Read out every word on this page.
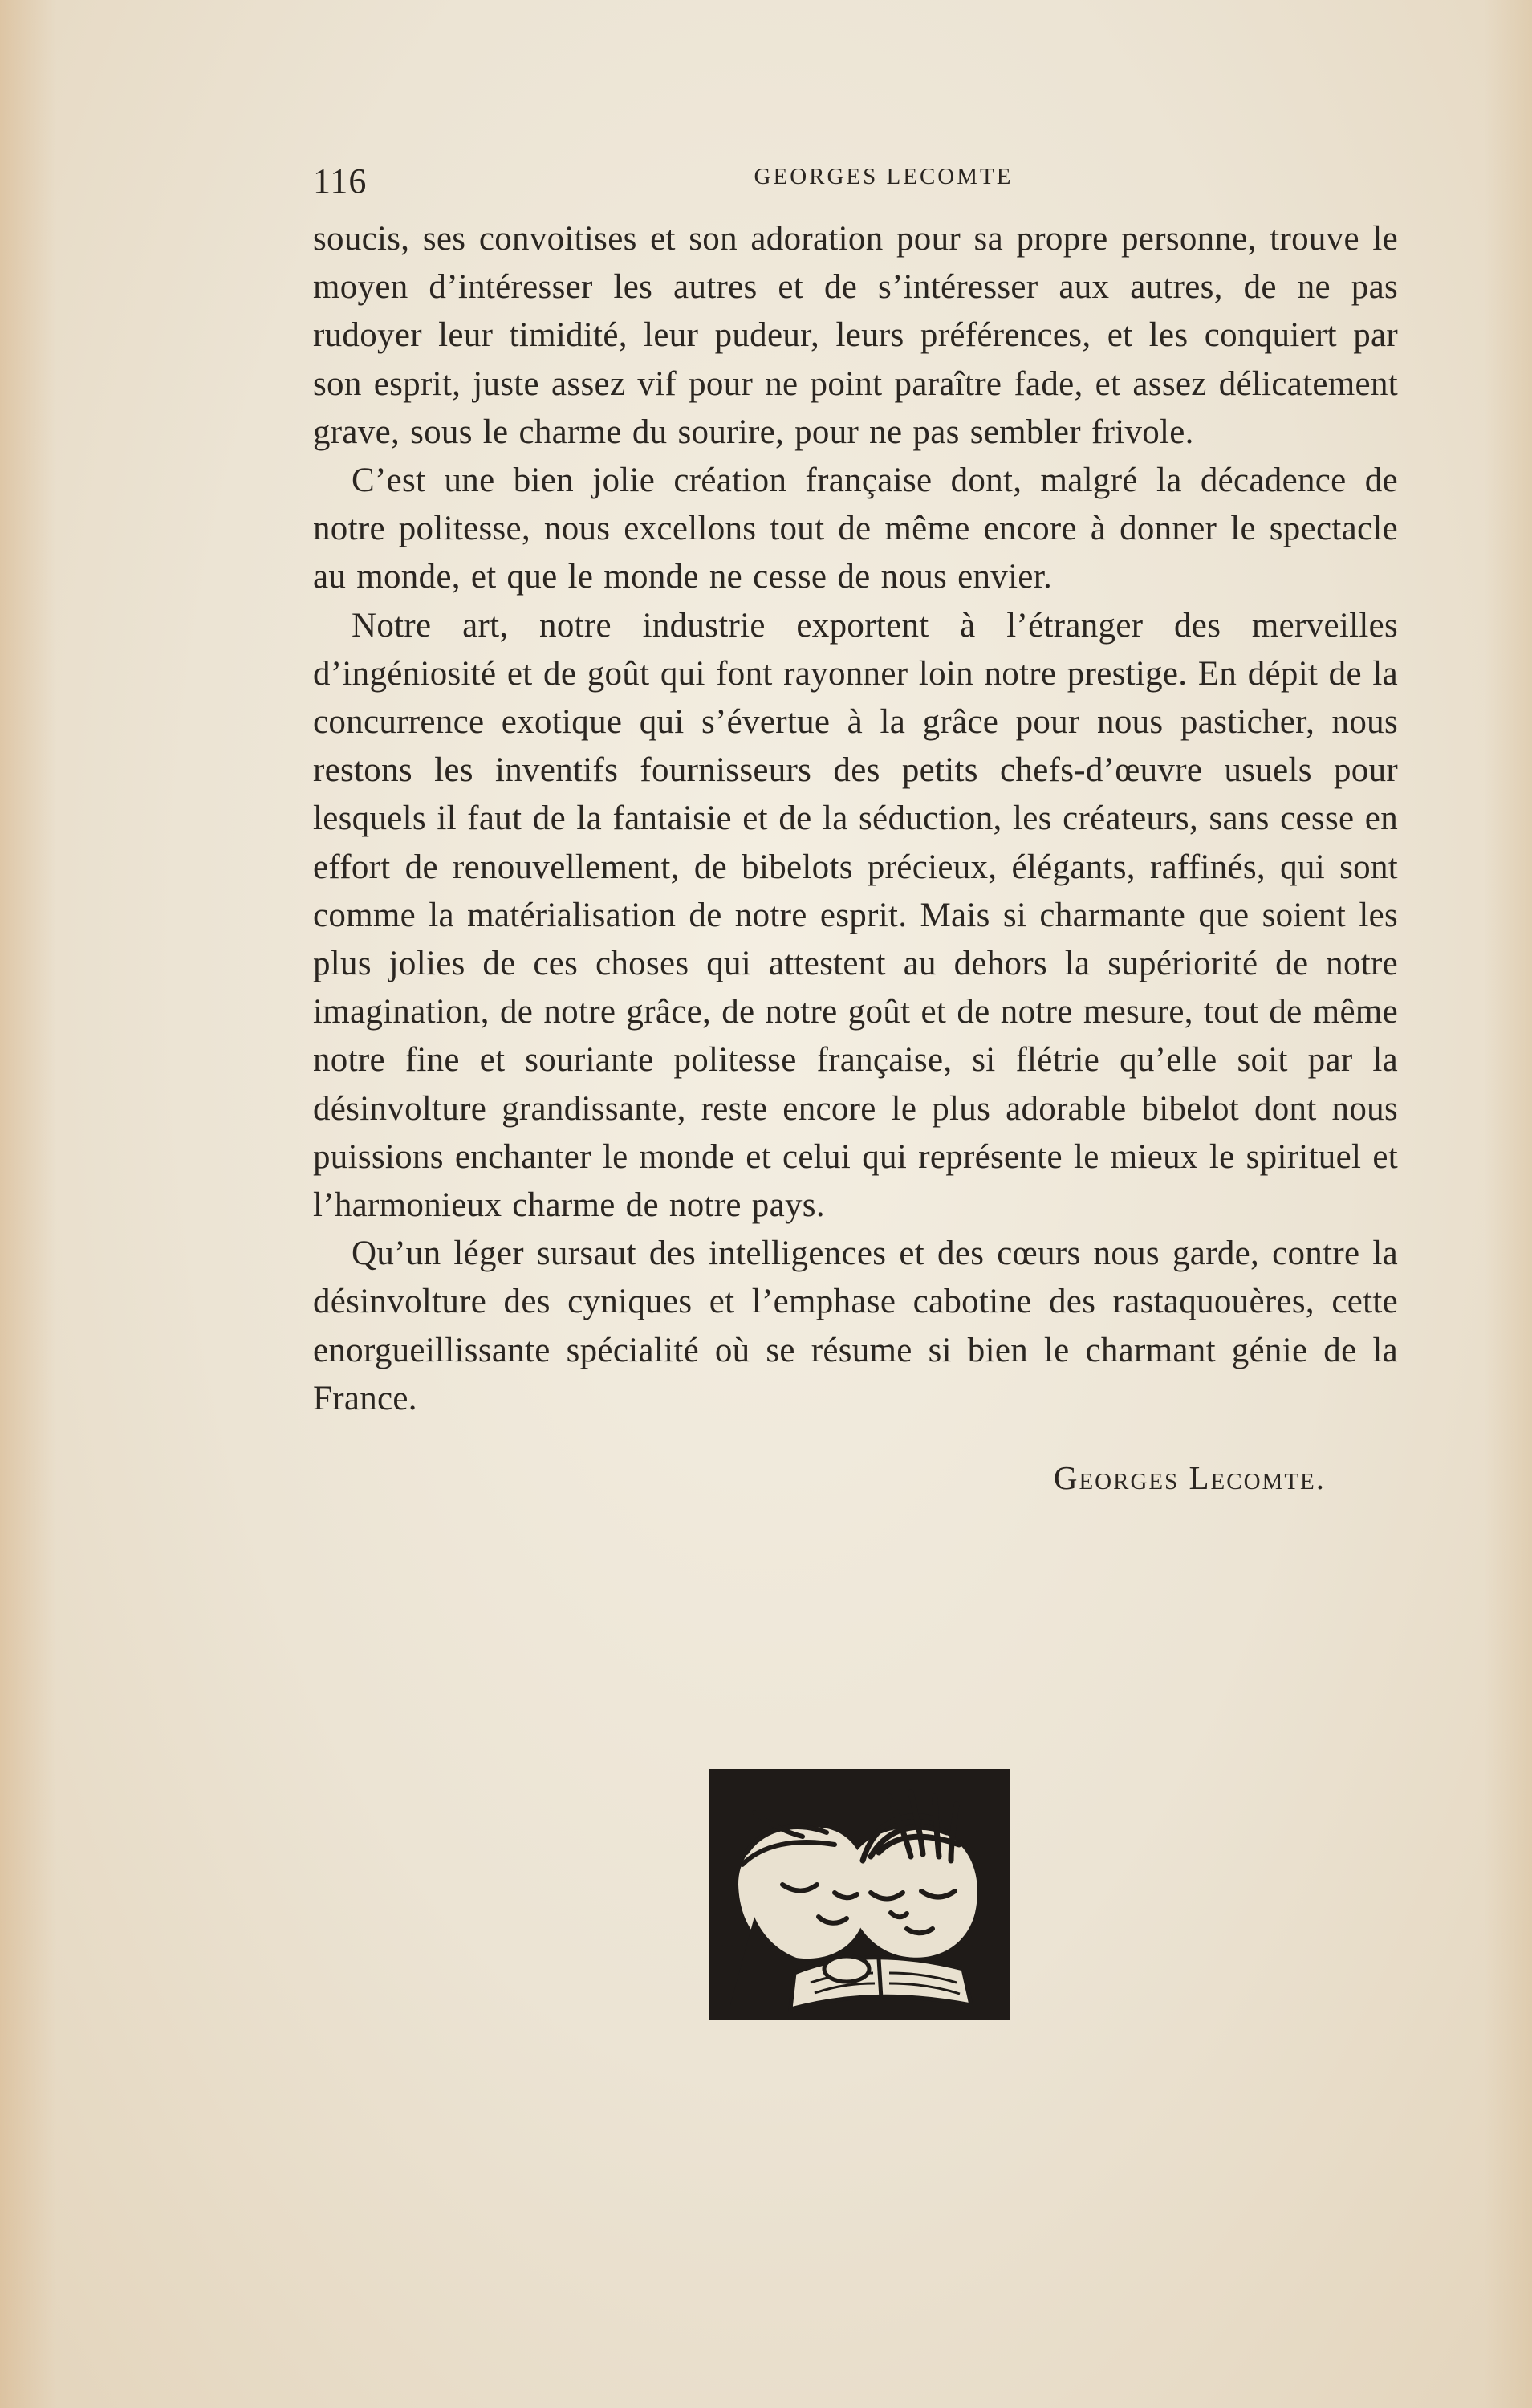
116	GEORGES LECOMTE

soucis, ses convoitises et son adoration pour sa propre personne, trouve le moyen d’intéresser les autres et de s’intéresser aux autres, de ne pas rudoyer leur timidité, leur pudeur, leurs préférences, et les conquiert par son esprit, juste assez vif pour ne point paraître fade, et assez délicatement grave, sous le charme du sourire, pour ne pas sembler frivole.

C’est une bien jolie création française dont, malgré la décadence de notre politesse, nous excellons tout de même encore à donner le spectacle au monde, et que le monde ne cesse de nous envier.

Notre art, notre industrie exportent à l’étranger des merveilles d’ingéniosité et de goût qui font rayonner loin notre prestige. En dépit de la concurrence exotique qui s’évertue à la grâce pour nous pasticher, nous restons les inventifs fournisseurs des petits chefs-d’œuvre usuels pour lesquels il faut de la fantaisie et de la séduction, les créateurs, sans cesse en effort de renouvellement, de bibelots précieux, élégants, raffinés, qui sont comme la matérialisation de notre esprit. Mais si charmante que soient les plus jolies de ces choses qui attestent au dehors la supériorité de notre imagination, de notre grâce, de notre goût et de notre mesure, tout de même notre fine et souriante politesse française, si flétrie qu’elle soit par la désinvolture grandissante, reste encore le plus adorable bibelot dont nous puissions enchanter le monde et celui qui représente le mieux le spirituel et l’harmonieux charme de notre pays.

Qu’un léger sursaut des intelligences et des cœurs nous garde, contre la désinvolture des cyniques et l’emphase cabotine des rastaquouères, cette enorgueillissante spécialité où se résume si bien le charmant génie de la France.

Georges Lecomte.
